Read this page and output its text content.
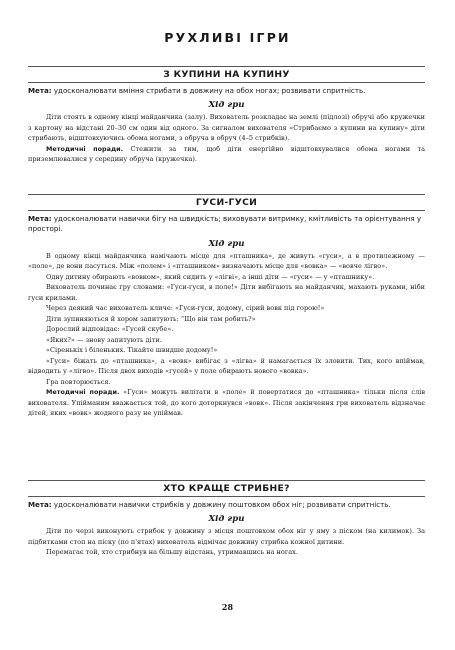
РУХЛИВІ ІГРИ
З КУПИНИ НА КУПИНУ
Мета: удосконалювати вміння стрибати в довжину на обох ногах; розвивати спритність.
Хід гри
Діти стоять в одному кінці майданчика (залу). Вихователь розкладає на землі (підлозі) обручі або кружечки з картону на відстані 20–30 см один від одного. За сигналом вихователя «Стрибаємо з купини на купину» діти стрибають, відштовхуючись обома ногами, з обруча в обруч (4–5 стрибків).
Методичні поради. Стежити за тим, щоб діти енергійно відштовхувалися обома ногами та приземлювалися у середину обруча (кружечка).
ГУСИ-ГУСИ
Мета: удосконалювати навички бігу на швидкість; виховувати витримку, кмітливість та орієнтування у просторі.
Хід гри
В одному кінці майданчика намічають місце для «пташника», де живуть «гуси», а в протилежному — «поле», де вони пасуться. Між «полем» і «пташником» визначають місце для «вовка» — «вовче лігво».
Одну дитину обирають «вовком», який сидить у «лігві», а інші діти — «гуси» — у «пташнику».
Вихователь починає гру словами: «Гуси-гуси, в поле!» Діти вибігають на майданчик, махають руками, ніби гуси крилами.
Через деякий час вихователь кличе: «Гуси-гуси, додому, сірий вовк під горою!»
Діти зупиняються й хором запитують: “Що він там робить?»
Дорослий відповідає: «Гусей скубе».
«Яких?» — знову запитують діти.
«Сіренькіх і біленьких. Тікайте швидше додому!»
«Гуси» біжать до «пташника», а «вовк» вибігає з «лігва» й намагається їх зловити. Тих, кого впіймав, відводить у «лігво». Після двох виходів «гусей» у поле обирають нового «вовка».
Гра повторюється.
Методичні поради. «Гуси» можуть вилітати в «поле» й повертатися до «пташника» тільки після слів вихователя. Упійманим вважається той, до кого доторкнувся «вовк». Після закінчення гри вихователь відзначає дітей, яких «вовк» жодного разу не упіймав.
ХТО КРАЩЕ СТРИБНЕ?
Мета: удосконалювати навички стрибків у довжину поштовхом обох ніг; розвивати спритність.
Хід гри
Діти по черзі виконують стрибок у довжину з місця поштовхом обох ніг у яму з піском (на килимок). За підбитками стоп на піску (по п'ятах) вихователь відмічає довжину стрибка кожної дитини.
Перемагає той, хто стрибнув на більшу відстань, утримавшись на ногах.
28
